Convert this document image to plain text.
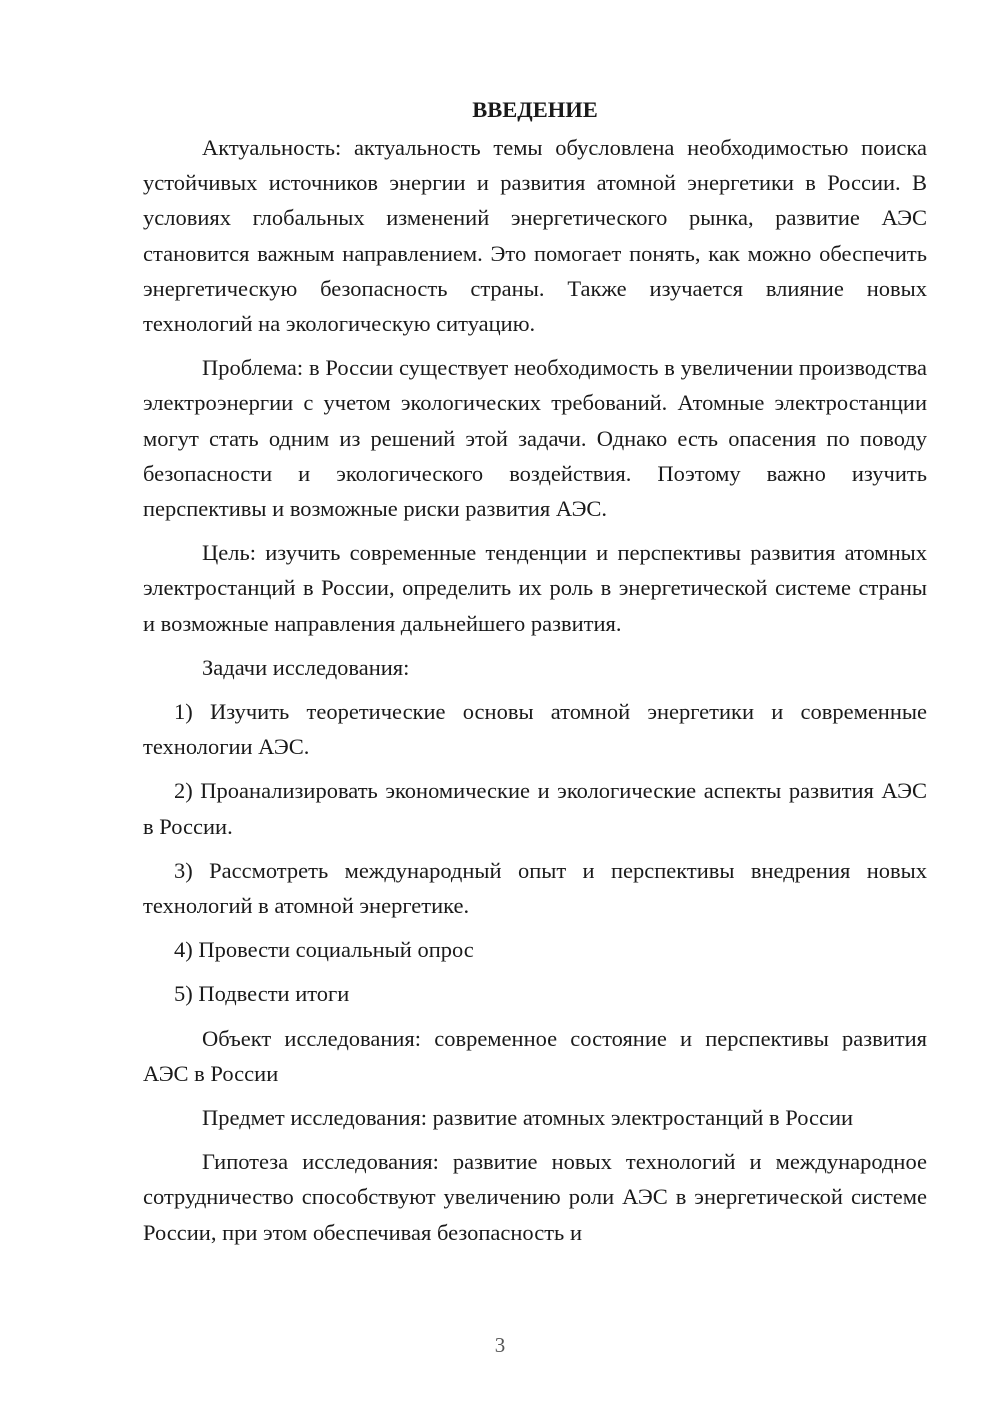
ВВЕДЕНИЕ

Актуальность: актуальность темы обусловлена необходимостью поиска устойчивых источников энергии и развития атомной энергетики в России. В условиях глобальных изменений энергетического рынка, развитие АЭС становится важным направлением. Это помогает понять, как можно обеспечить энергетическую безопасность страны. Также изучается влияние новых технологий на экологическую ситуацию.

Проблема: в России существует необходимость в увеличении производства электроэнергии с учетом экологических требований. Атомные электростанции могут стать одним из решений этой задачи. Однако есть опасения по поводу безопасности и экологического воздействия. Поэтому важно изучить перспективы и возможные риски развития АЭС.

Цель: изучить современные тенденции и перспективы развития атомных электростанций в России, определить их роль в энергетической системе страны и возможные направления дальнейшего развития.

Задачи исследования:

1) Изучить теоретические основы атомной энергетики и современные технологии АЭС.

2) Проанализировать экономические и экологические аспекты развития АЭС в России.

3) Рассмотреть международный опыт и перспективы внедрения новых технологий в атомной энергетике.

4) Провести социальный опрос

5) Подвести итоги

Объект исследования: современное состояние и перспективы развития АЭС в России

Предмет исследования: развитие атомных электростанций в России

Гипотеза исследования: развитие новых технологий и международное сотрудничество способствуют увеличению роли АЭС в энергетической системе России, при этом обеспечивая безопасность и

3
